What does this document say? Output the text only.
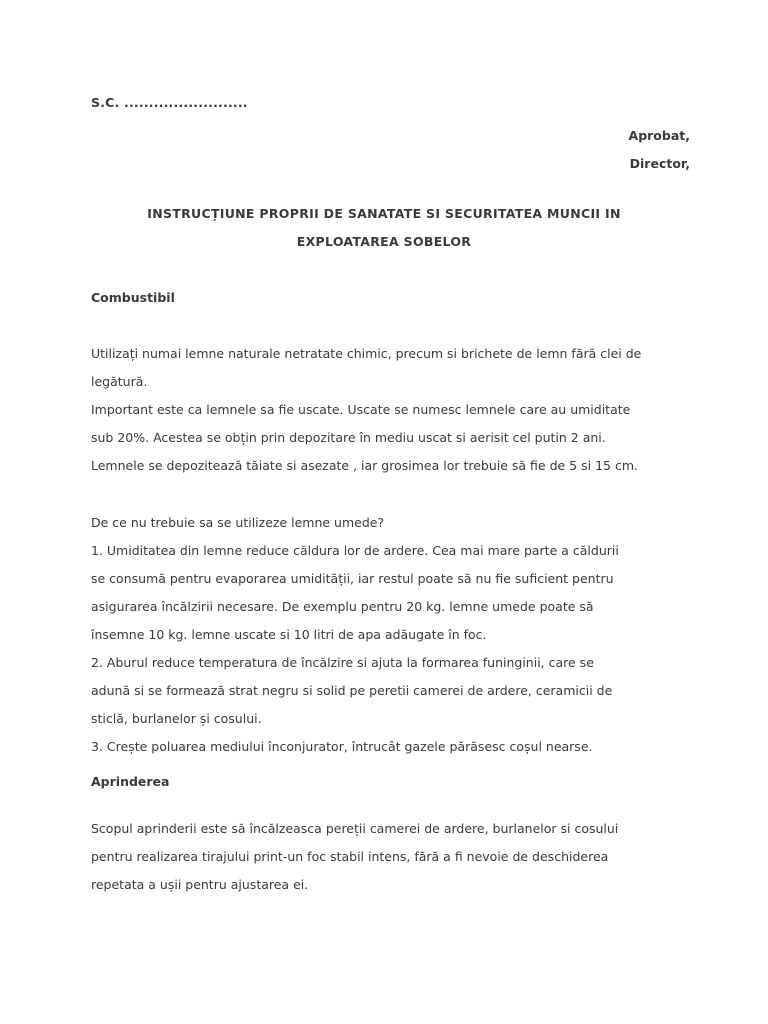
S.C. .........................
Aprobat,
Director,
INSTRUCȚIUNE PROPRII DE SANATATE SI SECURITATEA MUNCII IN
EXPLOATAREA SOBELOR
Combustibil

Utilizați numai lemne naturale netratate chimic, precum si brichete de lemn fără clei de

legătură.

Important este ca lemnele sa fie uscate. Uscate se numesc lemnele care au umiditate

sub 20%. Acestea se obțin prin depozitare în mediu uscat si aerisit cel putin 2 ani.

Lemnele se depozitează tăiate si asezate , iar grosimea lor trebuie să fie de 5 si 15 cm.

De ce nu trebuie sa se utilizeze lemne umede?

1. Umiditatea din lemne reduce căldura lor de ardere. Cea mai mare parte a căldurii

se consumă pentru evaporarea umidității, iar restul poate să nu fie suficient pentru

asigurarea încălzirii necesare. De exemplu pentru 20 kg. lemne umede poate să

însemne 10 kg. lemne uscate si 10 litri de apa adăugate în foc.

2. Aburul reduce temperatura de încălzire si ajuta la formarea funinginii, care se

adună si se formează strat negru si solid pe peretii camerei de ardere, ceramicii de

sticlă, burlanelor și cosului.

3. Crește poluarea mediului înconjurator, întrucât gazele părăsesc coșul nearse.

Aprinderea

Scopul aprinderii este să încălzeasca pereții camerei de ardere, burlanelor si cosului

pentru realizarea tirajului print-un foc stabil intens, fără a fi nevoie de deschiderea

repetata a ușii pentru ajustarea ei.
